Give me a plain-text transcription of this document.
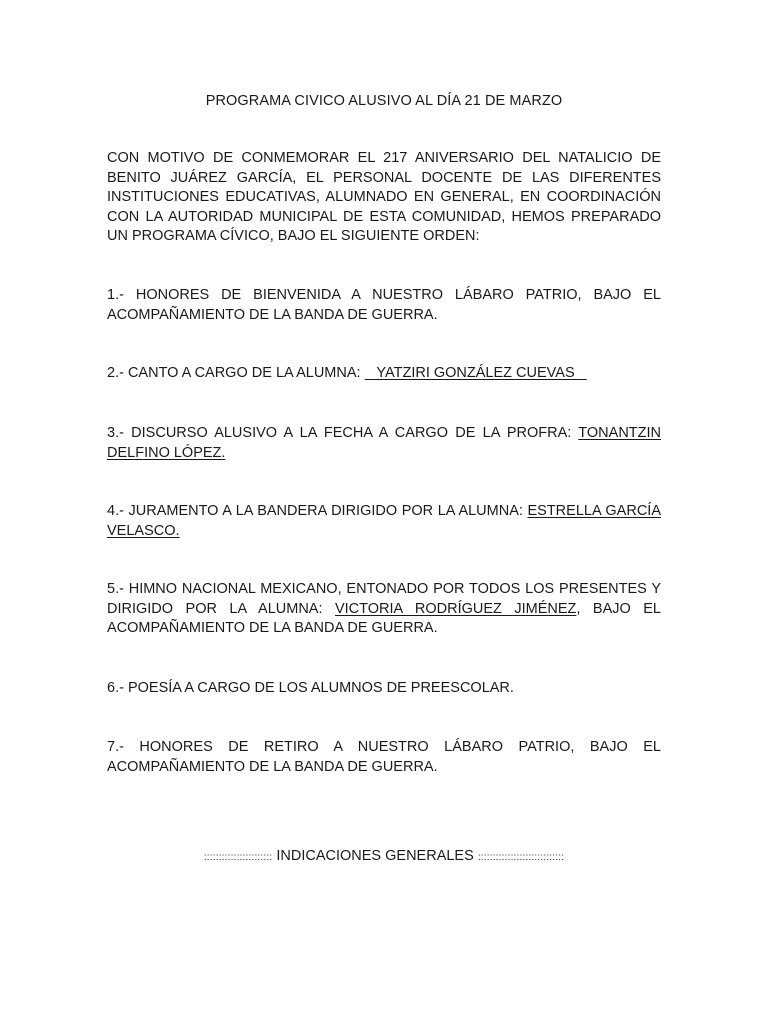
PROGRAMA CIVICO ALUSIVO AL DÍA 21 DE MARZO
CON MOTIVO DE CONMEMORAR EL 217 ANIVERSARIO DEL NATALICIO DE BENITO JUÁREZ GARCÍA, EL PERSONAL DOCENTE DE LAS DIFERENTES INSTITUCIONES EDUCATIVAS, ALUMNADO EN GENERAL, EN COORDINACIÓN CON LA AUTORIDAD MUNICIPAL DE ESTA COMUNIDAD, HEMOS PREPARADO UN PROGRAMA CÍVICO, BAJO EL SIGUIENTE ORDEN:
1.- HONORES DE BIENVENIDA A NUESTRO LÁBARO PATRIO, BAJO EL ACOMPAÑAMIENTO DE LA BANDA DE GUERRA.
2.- CANTO A CARGO DE LA ALUMNA:    YATZIRI GONZÁLEZ CUEVAS
3.- DISCURSO ALUSIVO A LA FECHA A CARGO DE LA PROFRA: TONANTZIN DELFINO LÓPEZ.
4.- JURAMENTO A LA BANDERA DIRIGIDO POR LA ALUMNA: ESTRELLA GARCÍA VELASCO.
5.- HIMNO NACIONAL MEXICANO, ENTONADO POR TODOS LOS PRESENTES Y DIRIGIDO POR LA ALUMNA: VICTORIA RODRÍGUEZ JIMÉNEZ, BAJO EL ACOMPAÑAMIENTO DE LA BANDA DE GUERRA.
6.- POESÍA A CARGO DE LOS ALUMNOS DE PREESCOLAR.
7.- HONORES DE RETIRO A NUESTRO LÁBARO PATRIO, BAJO EL ACOMPAÑAMIENTO DE LA BANDA DE GUERRA.
::::::::::::::::::::::: INDICACIONES GENERALES :::::::::::::::::::::::::::::
